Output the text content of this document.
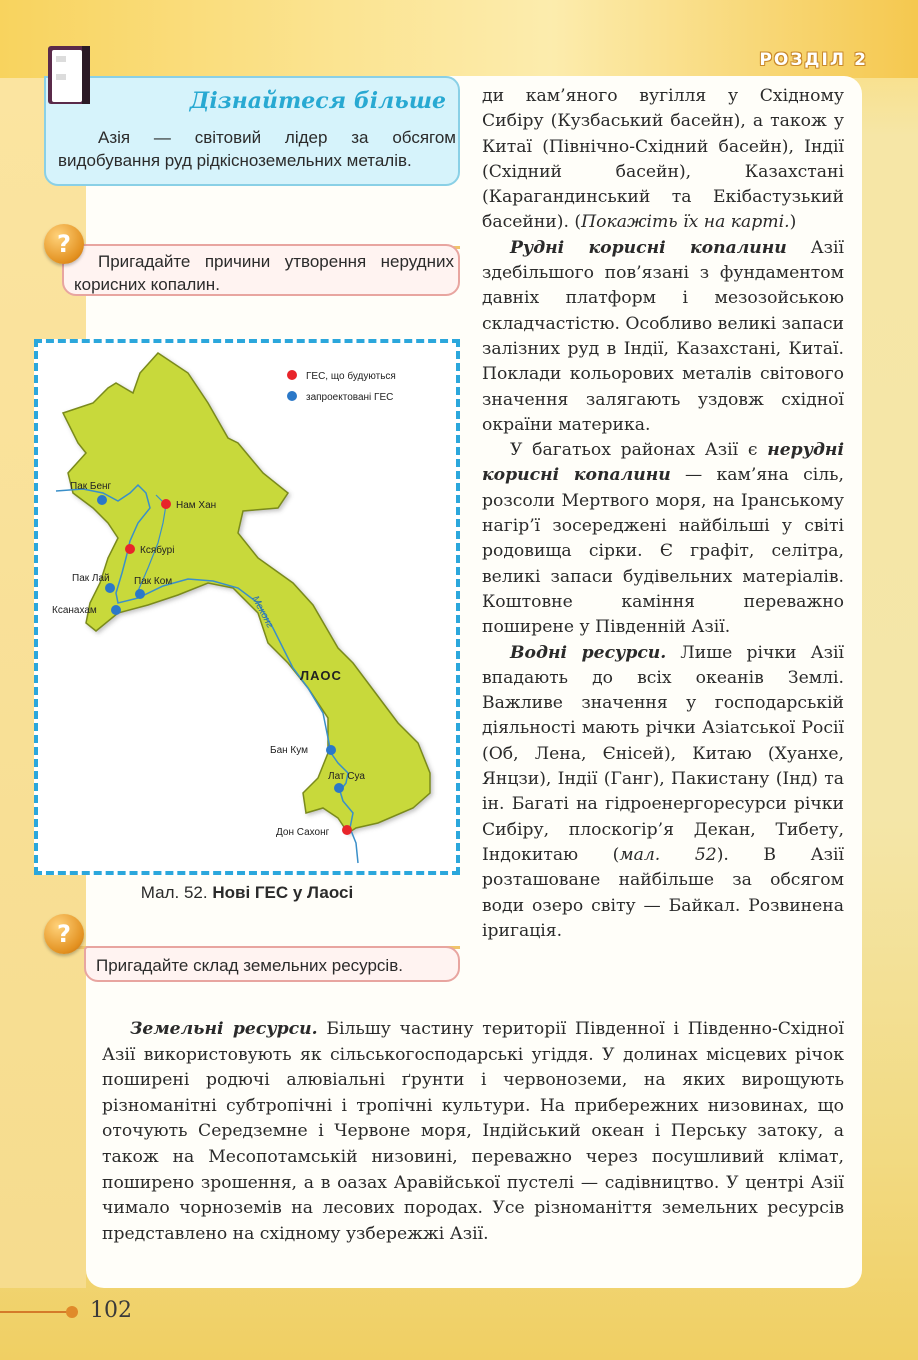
РОЗДІЛ 2
Дізнайтеся більше
Азія — світовий лідер за обсягом видобування руд рідкісноземельних металів.
Пригадайте причини утворення нерудних корисних копалин.
?
ГЕС, що будуються
запроектовані ГЕС
Пак Бенг
Нам Хан
Ксябурі
Пак Лай Пак Ком
Ксанахам
ЛАОС
Меконг
Бан Кум
Лат Суа
Дон Сахонг
Мал. 52. Нові ГЕС у Лаосі
Пригадайте склад земельних ресурсів.
?

ди кам’яного вугілля у Східному Сибіру (Кузбаський басейн), а також у Китаї (Північно-Східний басейн), Індії (Східний басейн), Казахстані (Карагандинський та Екібастузький басейни). (Покажіть їх на карті.)

Рудні корисні копалини Азії здебільшого пов’язані з фундаментом давніх платформ і мезозойською складчастістю. Особливо великі запаси залізних руд в Індії, Казахстані, Китаї. Поклади кольорових металів світового значення залягають уздовж східної окраїни материка.

У багатьох районах Азії є нерудні корисні копалини — кам’яна сіль, розсоли Мертвого моря, на Іранському нагір’ї зосереджені найбільші у світі родовища сірки. Є графіт, селітра, великі запаси будівельних матеріалів. Коштовне каміння переважно поширене у Південній Азії.

Водні ресурси. Лише річки Азії впадають до всіх океанів Землі. Важливе значення у господарській діяльності мають річки Азіатської Росії (Об, Лена, Єнісей), Китаю (Хуанхе, Янцзи), Індії (Ганг), Пакистану (Інд) та ін. Багаті на гідроенергоресурси річки Сибіру, плоскогір’я Декан, Тибету, Індокитаю (мал. 52). В Азії розташоване найбільше за обсягом води озеро світу — Байкал. Розвинена іригація.

Земельні ресурси. Більшу частину території Південної і Південно-Східної Азії використовують як сільськогосподарські угіддя. У долинах місцевих річок поширені родючі алювіальні ґрунти і червоноземи, на яких вирощують різноманітні субтропічні і тропічні культури. На прибережних низовинах, що оточують Середземне і Червоне моря, Індійський океан і Перську затоку, а також на Месопотамській низовині, переважно через посушливий клімат, поширено зрошення, а в оазах Аравійської пустелі — садівництво. У центрі Азії чимало чорноземів на лесових породах. Усе різноманіття земельних ресурсів представлено на східному узбережжі Азії.
102
